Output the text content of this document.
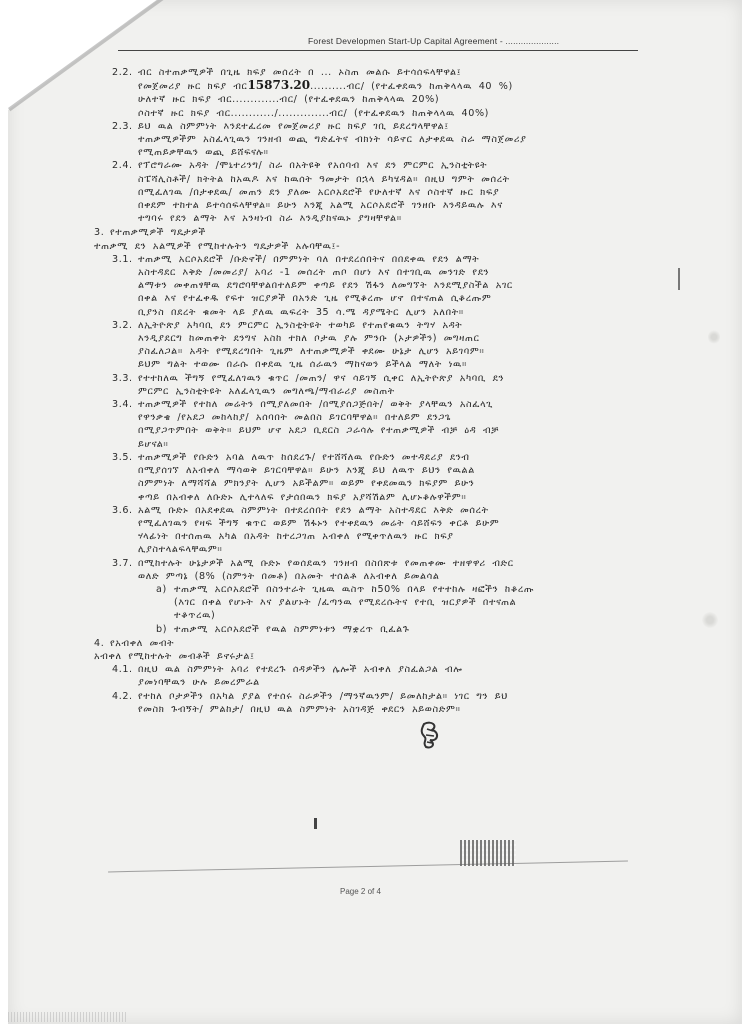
Forest Developmen Start-Up Capital Agreement - .....................
2.2. ብር ስተጠቃሚዎች በጊዜ ክፍያ መሰረት በ ... ኦስጠ መልሱ ይተሳሰፍላቸዋል፤
የመጀመሪያ ዙር ክፍያ ብር15873.20..........ብር/ (የተፈቀደዉን ከጠቅላላዉ 40 %)
ሁለተኛ ዙር ክፍያ ብር.............ብር/ (የተፈቀደዉን ከጠቅላላዉ 20%)
ሶስተኛ ዙር ክፍያ ብር............/..............ብር/ (የተፈቀደዉን ከጠቅላላዉ 40%)
2.3. ይህ ዉል ስምምነት እንደተፈረመ የመጀመሪያ ዙር ክፍያ ገቢ ይደረግላቸዋል፤
ተጠቃሚዎችም አስፈላጊዉን ገንዘብ ወጪ ግድፈትና ብክነት ሳይኖር ለታቀደዉ ስራ ማስጀመሪያ
የሚጠይቃቸዉን ወጪ ይሸፍናሉ።
2.4. የፕሮግራሙ አዳት /ሞኒተሪንግ/ ስራ በአትዩቅ የአሰባብ እና ደን ምርምር ኢንስቲትዩት
ስፔሻሊስቶች/ ክትትል ከአዉዶ እና ከዉሰት ዓመታት በኋላ ይካሄዳል። በዚህ ግምት መሰረት
በሚፈለገዉ /በታቀደዉ/ መጠን ደን ያለሙ አርሶአደሮች የሁለተኛ እና ሶስተኛ ዙር ክፍያ
በቀደም ተከተል ይተሳሰፍላቸዋል። ይሁን እንጂ አልሚ አርሶአደሮች ገንዘቡ እንዳይዉሉ እና
ተግባሩ የደን ልማት እና አንዛነብ ስራ እንዲያከናዉኑ ያግዛቸዋል።
3. የተጠቃሚዎች ግዴታዎች
ተጠቃሚ ደን አልሚዎች የሚከተሉትን ግዴታዎች አሉባቸዉ፤-
3.1. ተጠቃሚ አርሶአደሮች /ቡድኖች/ በምምነት ባለ በተደረሰበትና በበደቀዉ የደን ልማት
አስተዳደር እቅድ /መመሪያ/ አባሪ -1 መሰረት ጠቦ በሆነ እና በተገቢዉ መንገድ የደን
ልማቱን መቀጠፃቸዉ ደግሮባቸዋልበተለይም ቀጣይ የደን ሽፋን ለመግኘት እንደሚያስችል አገር
በቀል እና የተፈቀዱ የፍተ ዝርያዎች በአንድ ጊዜ የሚቆረጡ ሆኖ በተናጠል ሲቆረጡም
ቢያንስ በደረት ቁመት ላይ ያለዉ ዉፍረት 35 ሳ.ሜ ዳያሜትር ሊሆን አለበት።
3.2. ለኢትዮጵያ አካባቢ ደን ምርምር ኢንስቲትዩት ተወካይ የተጠየቁዉን ትግሃ አዳት
እንዲያደርግ ከመጠቀት ደንግና አስከ ተክለ ቦታዉ ያሉ ምንቡ (ኦታዎችን) መግዛጠር
ያስፈለጋል። አዳት የሚደረግበት ጊዜም ለተጠቃሚዎች ቀደሙ ሁኔታ ሊሆን አይገባም።
ይህም ግልት ተወሙ በራሱ በቀደዉ ጊዜ ሰራዉን ማከናወን ይችላል ማለት ነዉ።
3.3. የተተከለዉ ችግኝ የሚፈለገዉን ቁጥር /መጠን/ ዋና ሳይገኝ ሲቀር ለኢትዮጵያ አካባቢ ደን
ምርምር ኢንስቲትዩት አለፈላጊዉን መግለጫ/ማብራሪያ መስጠት
3.4. ተጠቃሚዎች የተከለ መሬትን በሚያለመበት /በሚያሰጋጅበት/ ወቅት ያላቸዉን አስፈላጊ
የዋንቃቄ /የአደጋ መከላከያ/ አሰባበት መልበስ ይገርባቸዋል። በተለይም ደንጋጌ
በሚያጋጥምበት ወቅት። ይህም ሆኖ አደጋ ቢደርስ ጋራሳሉ የተጠቃሚዎች ብቻ ዕዳ ብቻ
ይሆናል።
3.5. ተጠቃሚዎች የቡድን አባል ለዉጥ ከሰደረጉ/ የተሸሻለዉ የቡድን መተዳደሪያ ደንብ
በሚያሰገኘ ለአብቀለ ማሳወቅ ይገርባቸዋል። ይሁን እንጂ ይህ ለዉጥ ይህን የዉልል
ስምምነት ለማሻሻል ምክንያት ሊሆን አይችልም። ወይም የቀደመዉን ክፍያም ይሁን
ቀጣይ በአብቀለ ለቡድኑ ሊተላለፍ የታሰበዉን ክፍያ አያሻሽልም ሊሆኑቆሉዋችም።
3.6. አልሚ ቡድኑ በአደቀደዉ ስምምነት በተደረሰበት የደን ልማት አስተዳደር እቅድ መሰረት
የሚፈለገዉን የዛፍ ችግኝ ቁጥር ወይም ሽፋኑን የተቀደዉን መሬት ሳይሸፍን ቀርቶ ይሁም
ሃላፊነት በተሰጠዉ አካል በአዳት ከተረጋገጠ አብቀለ የሚቀጥለዉን ዙር ክፍያ
ሊያስተላልፍላቸዉም።
3.7. በሚከተሉት ሁኔታዎች አልሚ ቡድኑ የወሰደዉን ገንዘብ በስበጽቱ የመጠቀሙ ተዘዋዋሪ ብድር
ወለድ ምጣኔ (8% (ስምንት በመቶ) በአመት ተሰልቶ ለአብቀለ ይመልሳል
a) ተጠቃሚ አርሶአደሮች በስንተራት ጊዜዉ ዉስጥ ከ50% በላይ የተተከሉ ዛፎችን ከቆረጡ
(እገር በቀል የሆኑት እና ያልሆኑት /ፈጣንዉ የሚደረሱትና የተቢ ዝርያዎች በተናጠል
ተቆጥረዉ)
b) ተጠቃሚ አርሶአደሮች የዉል ስምምነቱን ማቋረጥ ቢፈልጉ
4. የአብቀለ መብት
አብቀለ የሚከተሉት መብቶች ይኖሩታል፤
4.1. በዚህ ዉል ስምምነት አባሪ የተደረጉ ሰዳዎችን ሌሎች አብቀለ ያስፈልጋል ብሎ
ያመነባቸዉን ሁሉ ይመረምራል
4.2. የተከለ ቦታዎችን በአካል ያያል የተሰሩ ስራዎችን /ማንኛዉንም/ ይመለከታል። ነገር ግን ይህ
የመስክ ጉብኝት/ ምልከታ/ በዚህ ዉል ስምምነት አስገዳጅ ቀደርን አይወስድም።
Page 2 of 4
